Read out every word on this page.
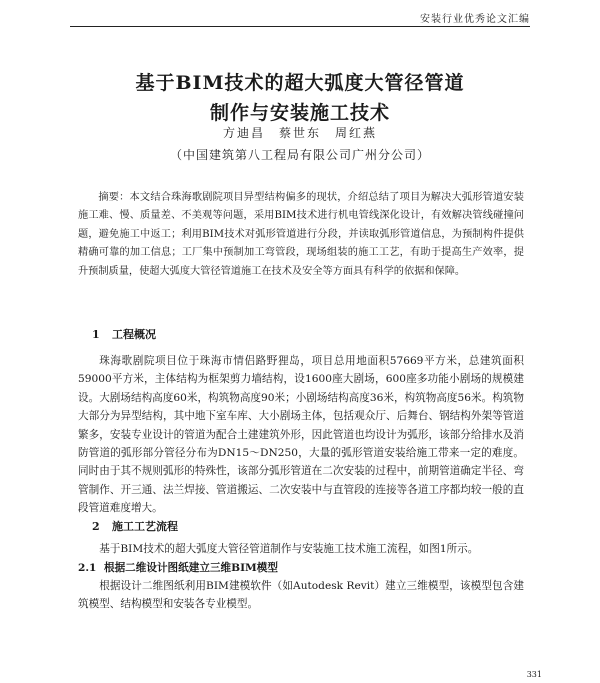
安装行业优秀论文汇编
基于BIM技术的超大弧度大管径管道
制作与安装施工技术
方迪昌　蔡世东　周红燕
（中国建筑第八工程局有限公司广州分公司）
摘要：本文结合珠海歌剧院项目异型结构偏多的现状，介绍总结了项目为解决大弧形管道安装施工难、慢、质量差、不美观等问题，采用BIM技术进行机电管线深化设计，有效解决管线碰撞问题，避免施工中返工；利用BIM技术对弧形管道进行分段，并读取弧形管道信息，为预制构件提供精确可靠的加工信息；工厂集中预制加工弯管段，现场组装的施工工艺，有助于提高生产效率，提升预制质量，使超大弧度大管径管道施工在技术及安全等方面具有科学的依据和保障。
1 工程概况
珠海歌剧院项目位于珠海市情侣路野狸岛，项目总用地面积57669平方米，总建筑面积59000平方米，主体结构为框架剪力墙结构，设1600座大剧场，600座多功能小剧场的规模建设。大剧场结构高度60米，构筑物高度90米；小剧场结构高度36米，构筑物高度56米。构筑物大部分为异型结构，其中地下室车库、大小剧场主体，包括观众厅、后舞台、钢结构外架等管道繁多，安装专业设计的管道为配合土建建筑外形，因此管道也均设计为弧形，该部分给排水及消防管道的弧形部分管径分布为DN15～DN250，大量的弧形管道安装给施工带来一定的难度。同时由于其不规则弧形的特殊性，该部分弧形管道在二次安装的过程中，前期管道确定半径、弯管制作、开三通、法兰焊接、管道搬运、二次安装中与直管段的连接等各道工序都均较一般的直段管道难度增大。
2 施工工艺流程
基于BIM技术的超大弧度大管径管道制作与安装施工技术施工流程，如图1所示。
2.1 根据二维设计图纸建立三维BIM模型
根据设计二维图纸利用BIM建模软件（如Autodesk Revit）建立三维模型，该模型包含建筑模型、结构模型和安装各专业模型。
331
